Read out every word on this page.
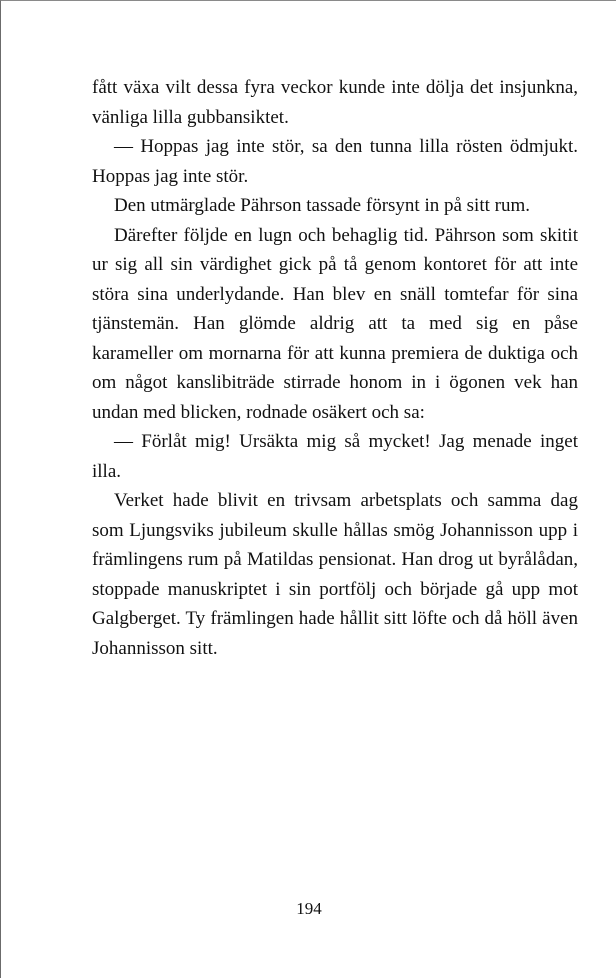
fått växa vilt dessa fyra veckor kunde inte dölja det insjunkna, vänliga lilla gubbansiktet.

— Hoppas jag inte stör, sa den tunna lilla rösten ödmjukt. Hoppas jag inte stör.

Den utmärglade Pährson tassade försynt in på sitt rum.

Därefter följde en lugn och behaglig tid. Pährson som skitit ur sig all sin värdighet gick på tå genom kontoret för att inte störa sina underlydande. Han blev en snäll tomtefar för sina tjänstemän. Han glömde aldrig att ta med sig en påse karameller om mornarna för att kunna premiera de duktiga och om något kanslibiträde stirrade honom in i ögonen vek han undan med blicken, rodnade osäkert och sa:

— Förlåt mig! Ursäkta mig så mycket! Jag menade inget illa.

Verket hade blivit en trivsam arbetsplats och samma dag som Ljungsviks jubileum skulle hållas smög Johannisson upp i främlingens rum på Matildas pensionat. Han drog ut byrålådan, stoppade manuskriptet i sin portfölj och började gå upp mot Galgberget. Ty främlingen hade hållit sitt löfte och då höll även Johannisson sitt.

194
